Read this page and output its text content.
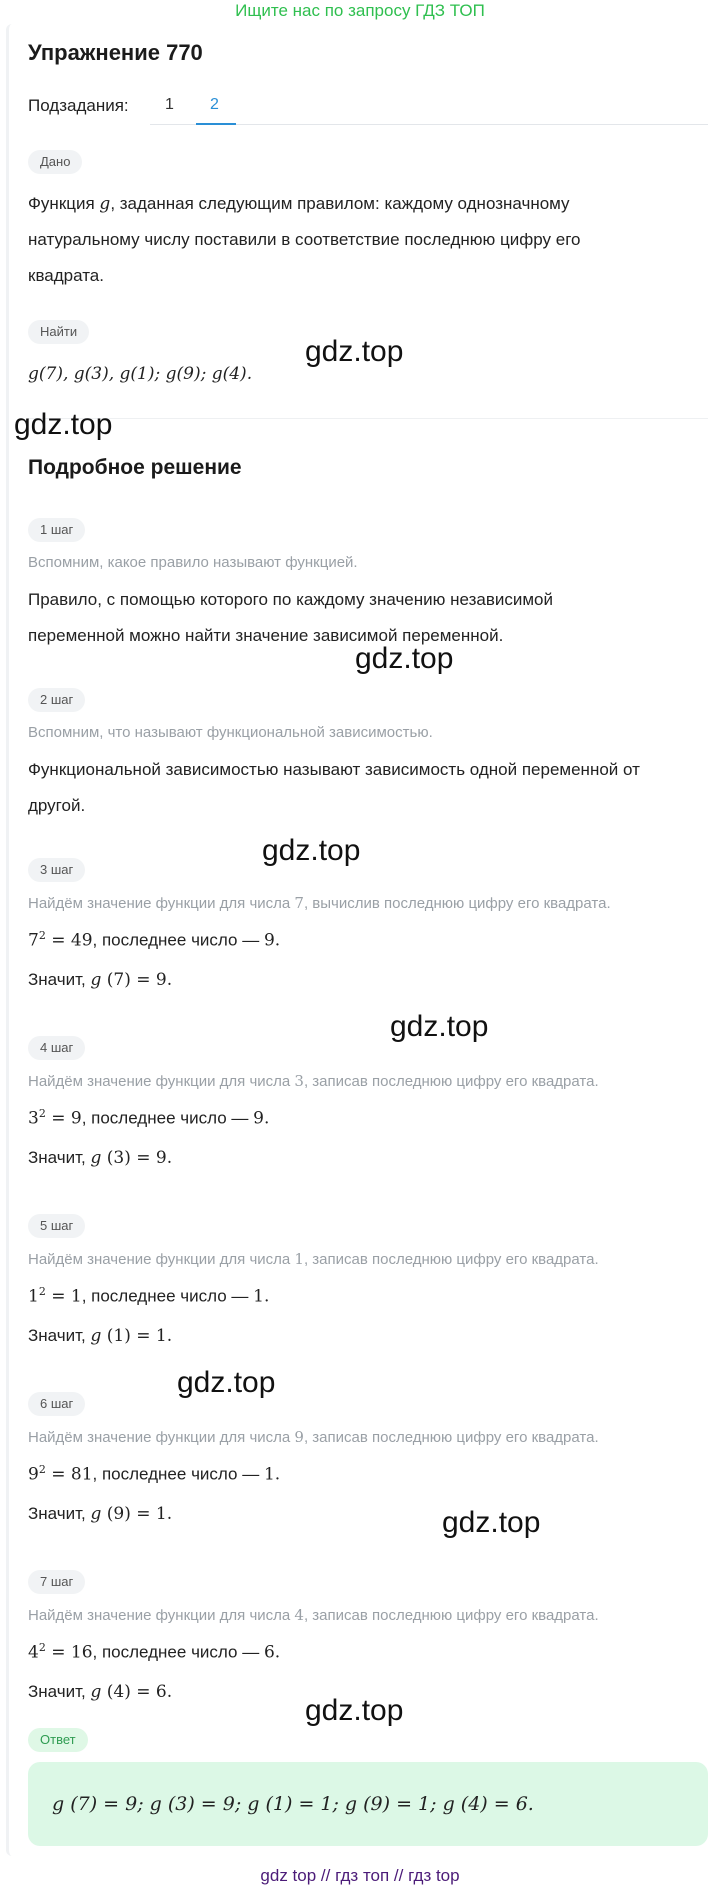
Ищите нас по запросу ГДЗ ТОП
Упражнение 770
Подзадания: 1 2
Дано
Функция g, заданная следующим правилом: каждому однозначному
натуральному числу поставили в соответствие последнюю цифру его
квадрата.
Найти
g(7), g(3), g(1); g(9); g(4).
Подробное решение
1 шаг
Вспомним, какое правило называют функцией.
Правило, с помощью которого по каждому значению независимой
переменной можно найти значение зависимой переменной.
2 шаг
Вспомним, что называют функциональной зависимостью.
Функциональной зависимостью называют зависимость одной переменной от
другой.
3 шаг
Найдём значение функции для числа 7, вычислив последнюю цифру его квадрата.
$7^2 = 49$, последнее число — 9.
Значит, g (7) = 9.
4 шаг
Найдём значение функции для числа 3, записав последнюю цифру его квадрата.
$3^2 = 9$, последнее число — 9.
Значит, g (3) = 9.
5 шаг
Найдём значение функции для числа 1, записав последнюю цифру его квадрата.
$1^2 = 1$, последнее число — 1.
Значит, g (1) = 1.
6 шаг
Найдём значение функции для числа 9, записав последнюю цифру его квадрата.
$9^2 = 81$, последнее число — 1.
Значит, g (9) = 1.
7 шаг
Найдём значение функции для числа 4, записав последнюю цифру его квадрата.
$4^2 = 16$, последнее число — 6.
Значит, g (4) = 6.
Ответ
g (7) = 9; g (3) = 9; g (1) = 1; g (9) = 1; g (4) = 6.
gdz.top
gdz.top
gdz.top
gdz.top
gdz.top
gdz.top
gdz.top
gdz.top
gdz top // гдз топ // гдз top
